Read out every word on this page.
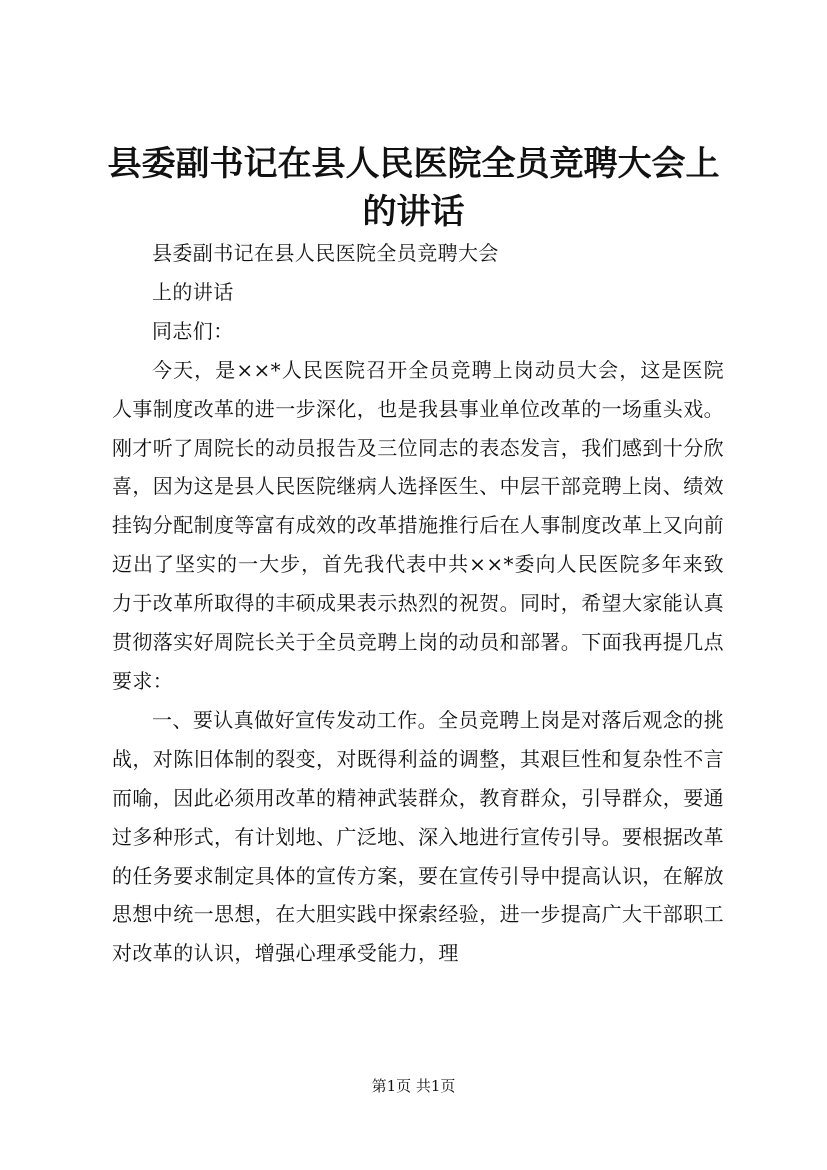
县委副书记在县人民医院全员竞聘大会上的讲话

县委副书记在县人民医院全员竞聘大会

上的讲话

同志们：

今天，是××*人民医院召开全员竞聘上岗动员大会，这是医院人事制度改革的进一步深化，也是我县事业单位改革的一场重头戏。刚才听了周院长的动员报告及三位同志的表态发言，我们感到十分欣喜，因为这是县人民医院继病人选择医生、中层干部竞聘上岗、绩效挂钩分配制度等富有成效的改革措施推行后在人事制度改革上又向前迈出了坚实的一大步，首先我代表中共××*委向人民医院多年来致力于改革所取得的丰硕成果表示热烈的祝贺。同时，希望大家能认真贯彻落实好周院长关于全员竞聘上岗的动员和部署。下面我再提几点要求：

一、要认真做好宣传发动工作。全员竞聘上岗是对落后观念的挑战，对陈旧体制的裂变，对既得利益的调整，其艰巨性和复杂性不言而喻，因此必须用改革的精神武装群众，教育群众，引导群众，要通过多种形式，有计划地、广泛地、深入地进行宣传引导。要根据改革的任务要求制定具体的宣传方案，要在宣传引导中提高认识，在解放思想中统一思想，在大胆实践中探索经验，进一步提高广大干部职工对改革的认识，增强心理承受能力，理

第1页 共1页
